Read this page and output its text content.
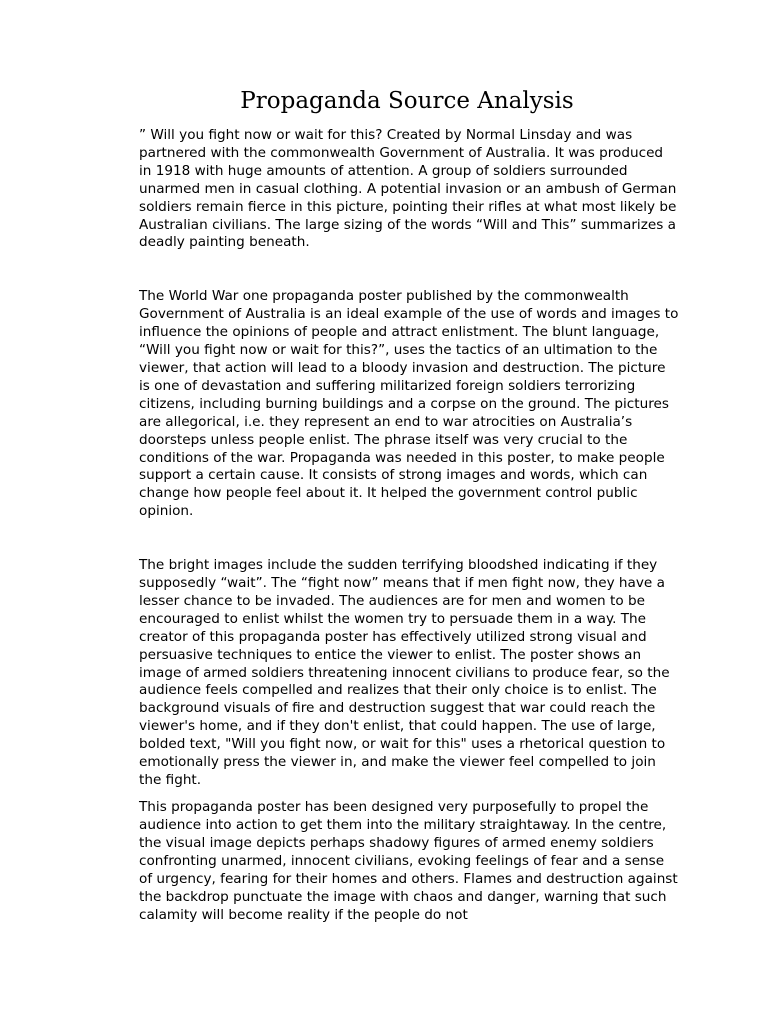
Propaganda Source Analysis

” Will you fight now or wait for this? Created by Normal Linsday and was partnered with the commonwealth Government of Australia. It was produced in 1918 with huge amounts of attention. A group of soldiers surrounded unarmed men in casual clothing. A potential invasion or an ambush of German soldiers remain fierce in this picture, pointing their rifles at what most likely be Australian civilians. The large sizing of the words “Will and This” summarizes a deadly painting beneath.

The World War one propaganda poster published by the commonwealth Government of Australia is an ideal example of the use of words and images to influence the opinions of people and attract enlistment. The blunt language, “Will you fight now or wait for this?”, uses the tactics of an ultimation to the viewer, that action will lead to a bloody invasion and destruction. The picture is one of devastation and suffering militarized foreign soldiers terrorizing citizens, including burning buildings and a corpse on the ground. The pictures are allegorical, i.e. they represent an end to war atrocities on Australia’s doorsteps unless people enlist. The phrase itself was very crucial to the conditions of the war. Propaganda was needed in this poster, to make people support a certain cause. It consists of strong images and words, which can change how people feel about it. It helped the government control public opinion.

The bright images include the sudden terrifying bloodshed indicating if they supposedly “wait”. The “fight now” means that if men fight now, they have a lesser chance to be invaded. The audiences are for men and women to be encouraged to enlist whilst the women try to persuade them in a way. The creator of this propaganda poster has effectively utilized strong visual and persuasive techniques to entice the viewer to enlist. The poster shows an image of armed soldiers threatening innocent civilians to produce fear, so the audience feels compelled and realizes that their only choice is to enlist. The background visuals of fire and destruction suggest that war could reach the viewer's home, and if they don't enlist, that could happen. The use of large, bolded text, "Will you fight now, or wait for this" uses a rhetorical question to emotionally press the viewer in, and make the viewer feel compelled to join the fight.

This propaganda poster has been designed very purposefully to propel the audience into action to get them into the military straightaway. In the centre, the visual image depicts perhaps shadowy figures of armed enemy soldiers confronting unarmed, innocent civilians, evoking feelings of fear and a sense of urgency, fearing for their homes and others. Flames and destruction against the backdrop punctuate the image with chaos and danger, warning that such calamity will become reality if the people do not
